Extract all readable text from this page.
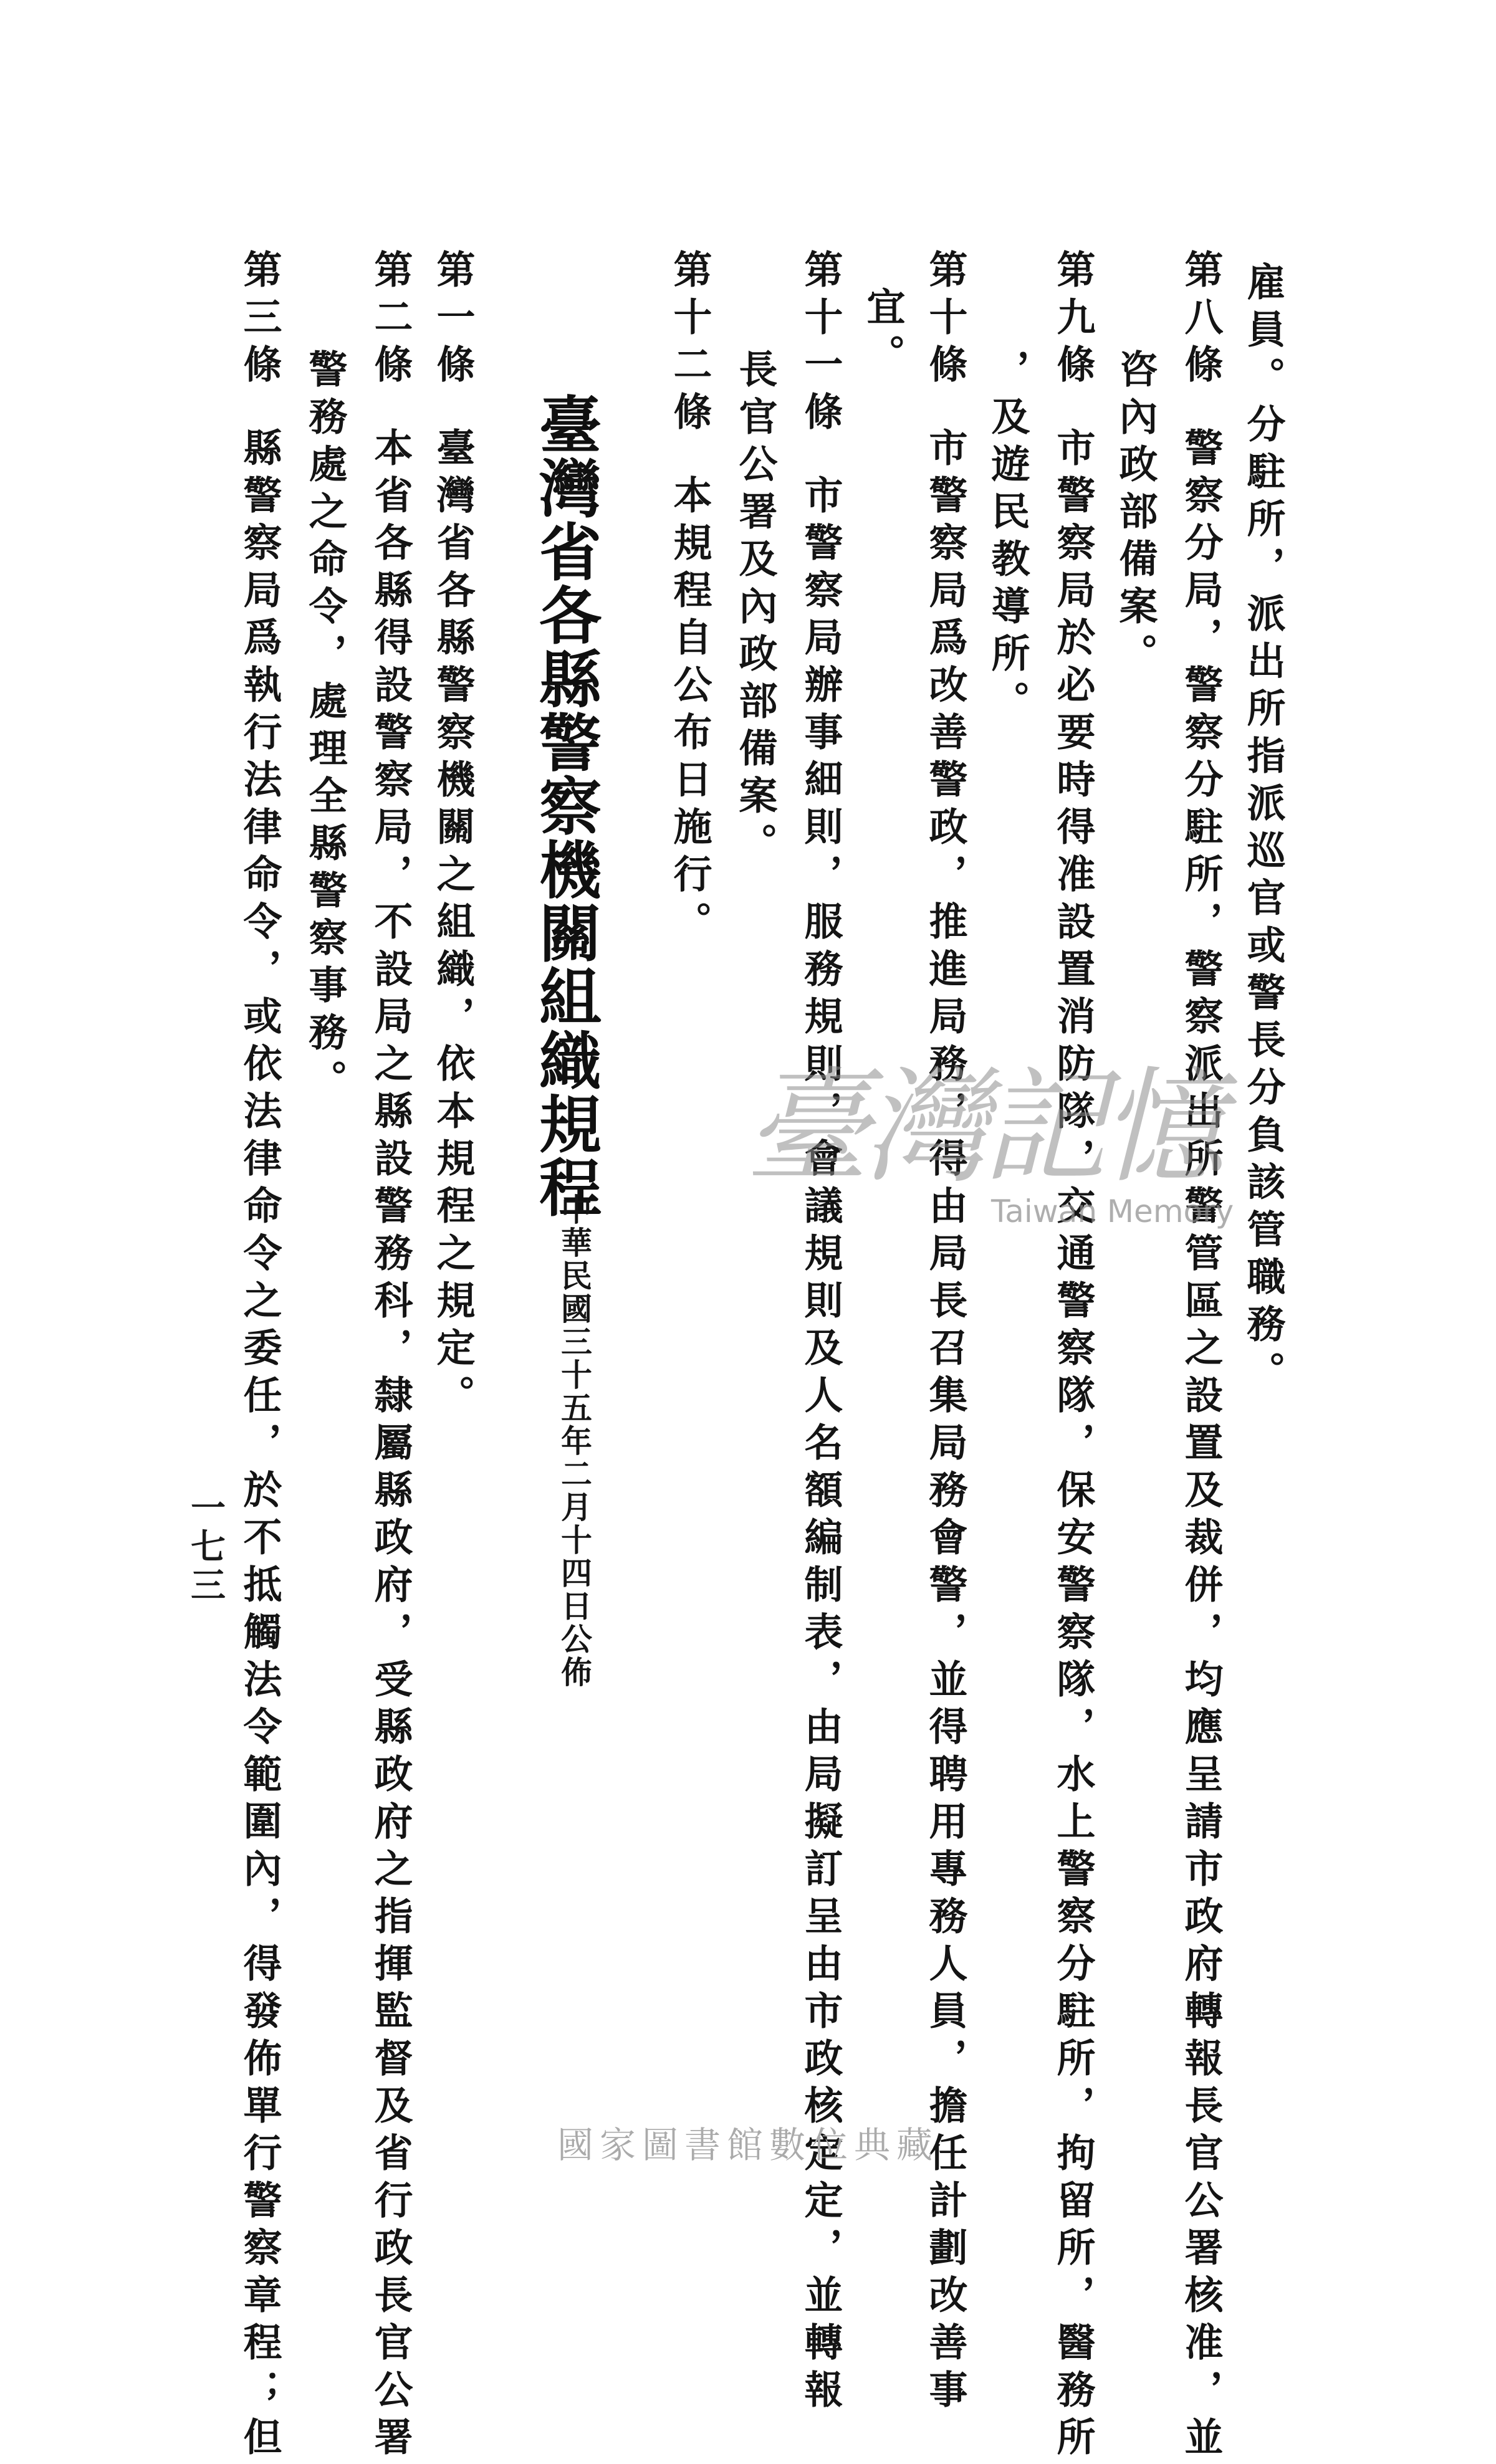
雇員。分駐所，派出所指派巡官或警長分負該管職務。
第八條警察分局，警察分駐所，警察派出所警管區之設置及裁併，均應呈請市政府轉報長官公署核准，並
咨內政部備案。
第九條市警察局於必要時得准設置消防隊，交通警察隊，保安警察隊，水上警察分駐所，拘留所，醫務所
，及遊民教導所。
第十條市警察局爲改善警政，推進局務，得由局長召集局務會警，並得聘用專務人員，擔任計劃改善事
宜。
第十一條市警察局辦事細則，服務規則，會議規則及人名額編制表，由局擬訂呈由市政核定定，並轉報
長官公署及內政部備案。
第十二條本規程自公布日施行。
臺灣省各縣警察機關組織規程
中華民國三十五年二月十四日公佈
第一條臺灣省各縣警察機關之組織，依本規程之規定。
第二條本省各縣得設警察局，不設局之縣設警務科，隸屬縣政府，受縣政府之指揮監督及省行政長官公署
警務處之命令，處理全縣警察事務。
第三條縣警察局爲執行法律命令，或依法律命令之委任，於不抵觸法令範圍內，得發佈單行警察章程；但
一七三
臺灣記憶
Taiwan Memory
國家圖書館數位典藏
